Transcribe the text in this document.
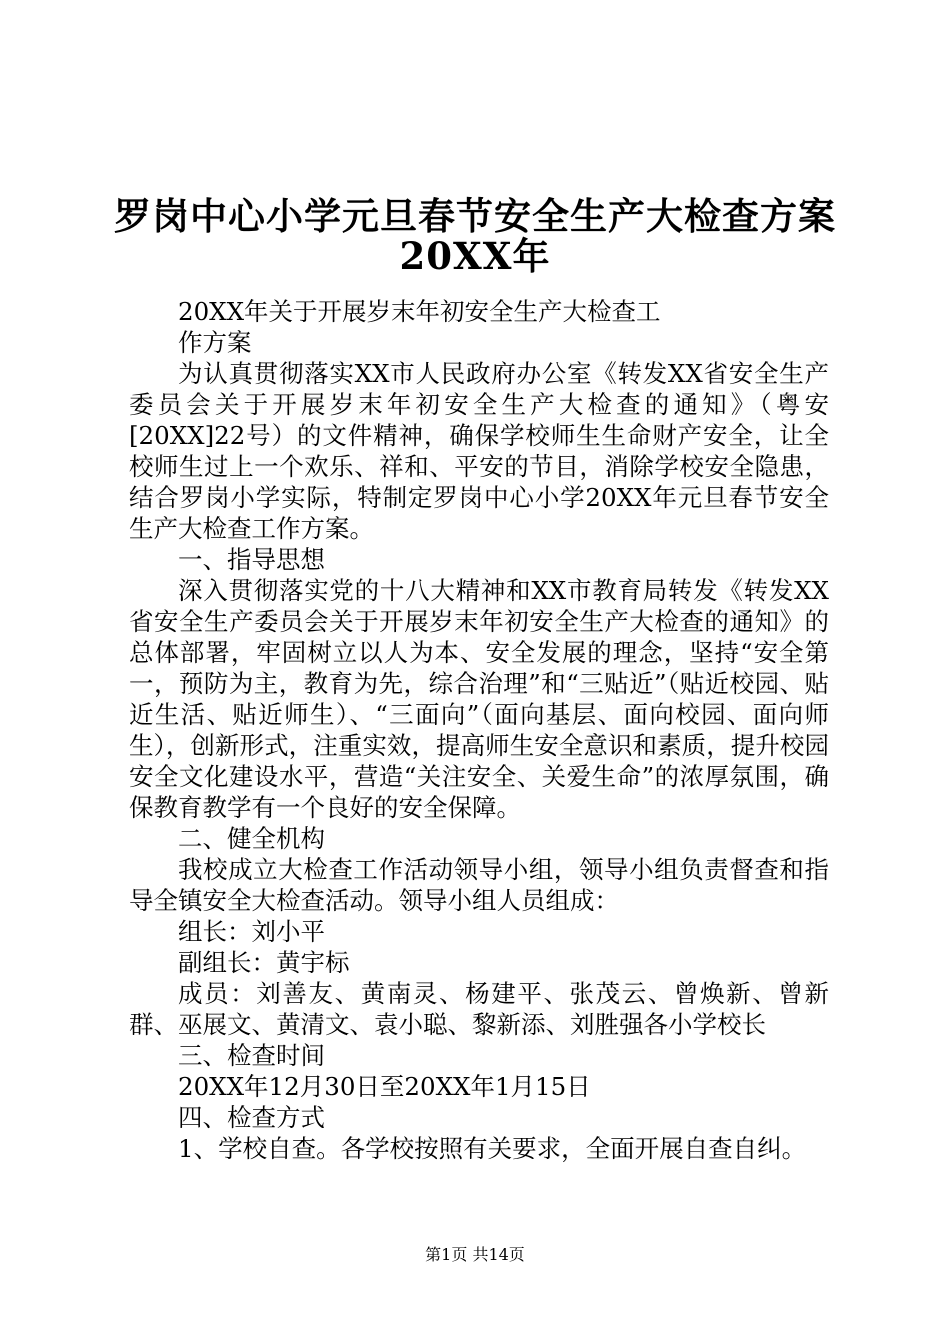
罗岗中心小学元旦春节安全生产大检查方案
20XX年

20XX年关于开展岁末年初安全生产大检查工

作方案

为认真贯彻落实XX市人民政府办公室《转发XX省安全生产委员会关于开展岁末年初安全生产大检查的通知》（粤安[20XX]22号）的文件精神，确保学校师生生命财产安全，让全校师生过上一个欢乐、祥和、平安的节目，消除学校安全隐患，结合罗岗小学实际，特制定罗岗中心小学20XX年元旦春节安全生产大检查工作方案。

一、指导思想

深入贯彻落实党的十八大精神和XX市教育局转发《转发XX省安全生产委员会关于开展岁末年初安全生产大检查的通知》的总体部署，牢固树立以人为本、安全发展的理念，坚持“安全第一，预防为主，教育为先，综合治理”和“三贴近”（贴近校园、贴近生活、贴近师生）、“三面向”（面向基层、面向校园、面向师生），创新形式，注重实效，提高师生安全意识和素质，提升校园安全文化建设水平，营造“关注安全、关爱生命”的浓厚氛围，确保教育教学有一个良好的安全保障。

二、健全机构

我校成立大检查工作活动领导小组，领导小组负责督查和指导全镇安全大检查活动。领导小组人员组成：

组长：刘小平

副组长：黄宇标

成员：刘善友、黄南灵、杨建平、张茂云、曾焕新、曾新群、巫展文、黄清文、袁小聪、黎新添、刘胜强各小学校长

三、检查时间

20XX年12月30日至20XX年1月15日

四、检查方式

1、学校自查。各学校按照有关要求，全面开展自查自纠。

第1页 共14页
